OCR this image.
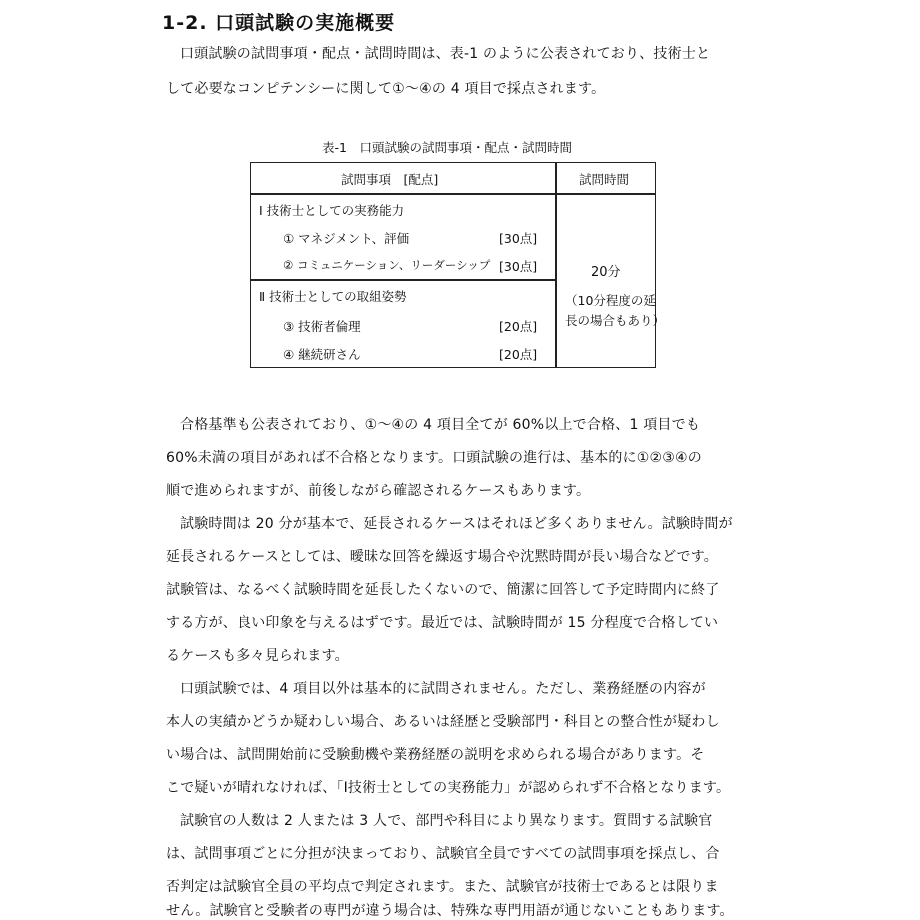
1-2. 口頭試験の実施概要
口頭試験の試問事項・配点・試問時間は、表-1 のように公表されており、技術士と
して必要なコンピテンシーに関して①～④の 4 項目で採点されます。
表-1　口頭試験の試問事項・配点・試問時間
試問事項　[配点]	試問時間
Ⅰ 技術士としての実務能力
① マネジメント、評価	[30点]
② コミュニケーション、リーダーシップ [30点]
Ⅱ 技術士としての取組姿勢
③ 技術者倫理	[20点]
④ 継続研さん	[20点]
20分
（10分程度の延
長の場合もあり）
合格基準も公表されており、①～④の 4 項目全てが 60%以上で合格、1 項目でも
60%未満の項目があれば不合格となります。口頭試験の進行は、基本的に①②③④の
順で進められますが、前後しながら確認されるケースもあります。
試験時間は 20 分が基本で、延長されるケースはそれほど多くありません。試験時間が
延長されるケースとしては、曖昧な回答を繰返す場合や沈黙時間が長い場合などです。
試験管は、なるべく試験時間を延長したくないので、簡潔に回答して予定時間内に終了
する方が、良い印象を与えるはずです。最近では、試験時間が 15 分程度で合格してい
るケースも多々見られます。
口頭試験では、4 項目以外は基本的に試問されません。ただし、業務経歴の内容が
本人の実績かどうか疑わしい場合、あるいは経歴と受験部門・科目との整合性が疑わし
い場合は、試問開始前に受験動機や業務経歴の説明を求められる場合があります。そ
こで疑いが晴れなければ、「Ⅰ技術士としての実務能力」が認められず不合格となります。
試験官の人数は 2 人または 3 人で、部門や科目により異なります。質問する試験官
は、試問事項ごとに分担が決まっており、試験官全員ですべての試問事項を採点し、合
否判定は試験官全員の平均点で判定されます。また、試験官が技術士であるとは限りま
せん。試験官と受験者の専門が違う場合は、特殊な専門用語が通じないこともあります。
